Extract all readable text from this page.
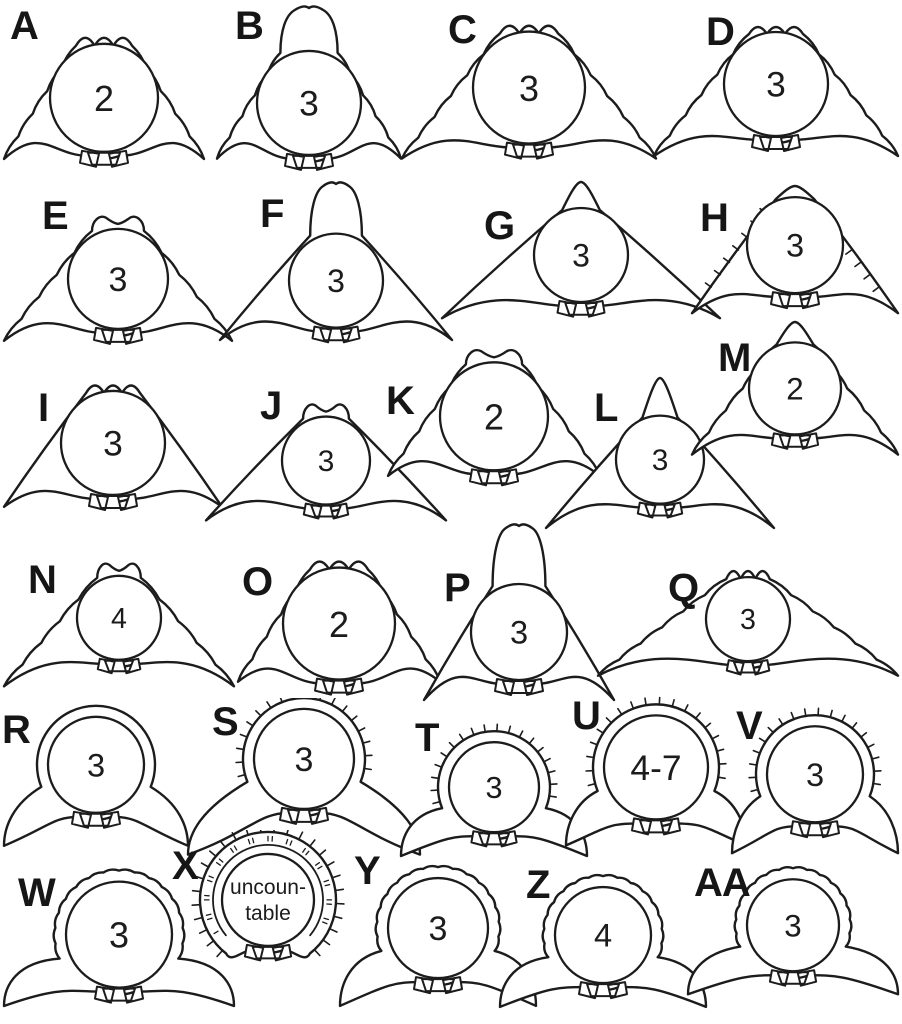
A
2
B
3
C
3
D
3
E
3
F
3
G
3
H
3
I
3
J
3
K 2 L
3
M
2
N
4
O
2
P
3
Q
3
R
3
S
3	T
3
U
4-7
V
3
W
3
X uncoun-table
Y
3
Z
4
AA
3
